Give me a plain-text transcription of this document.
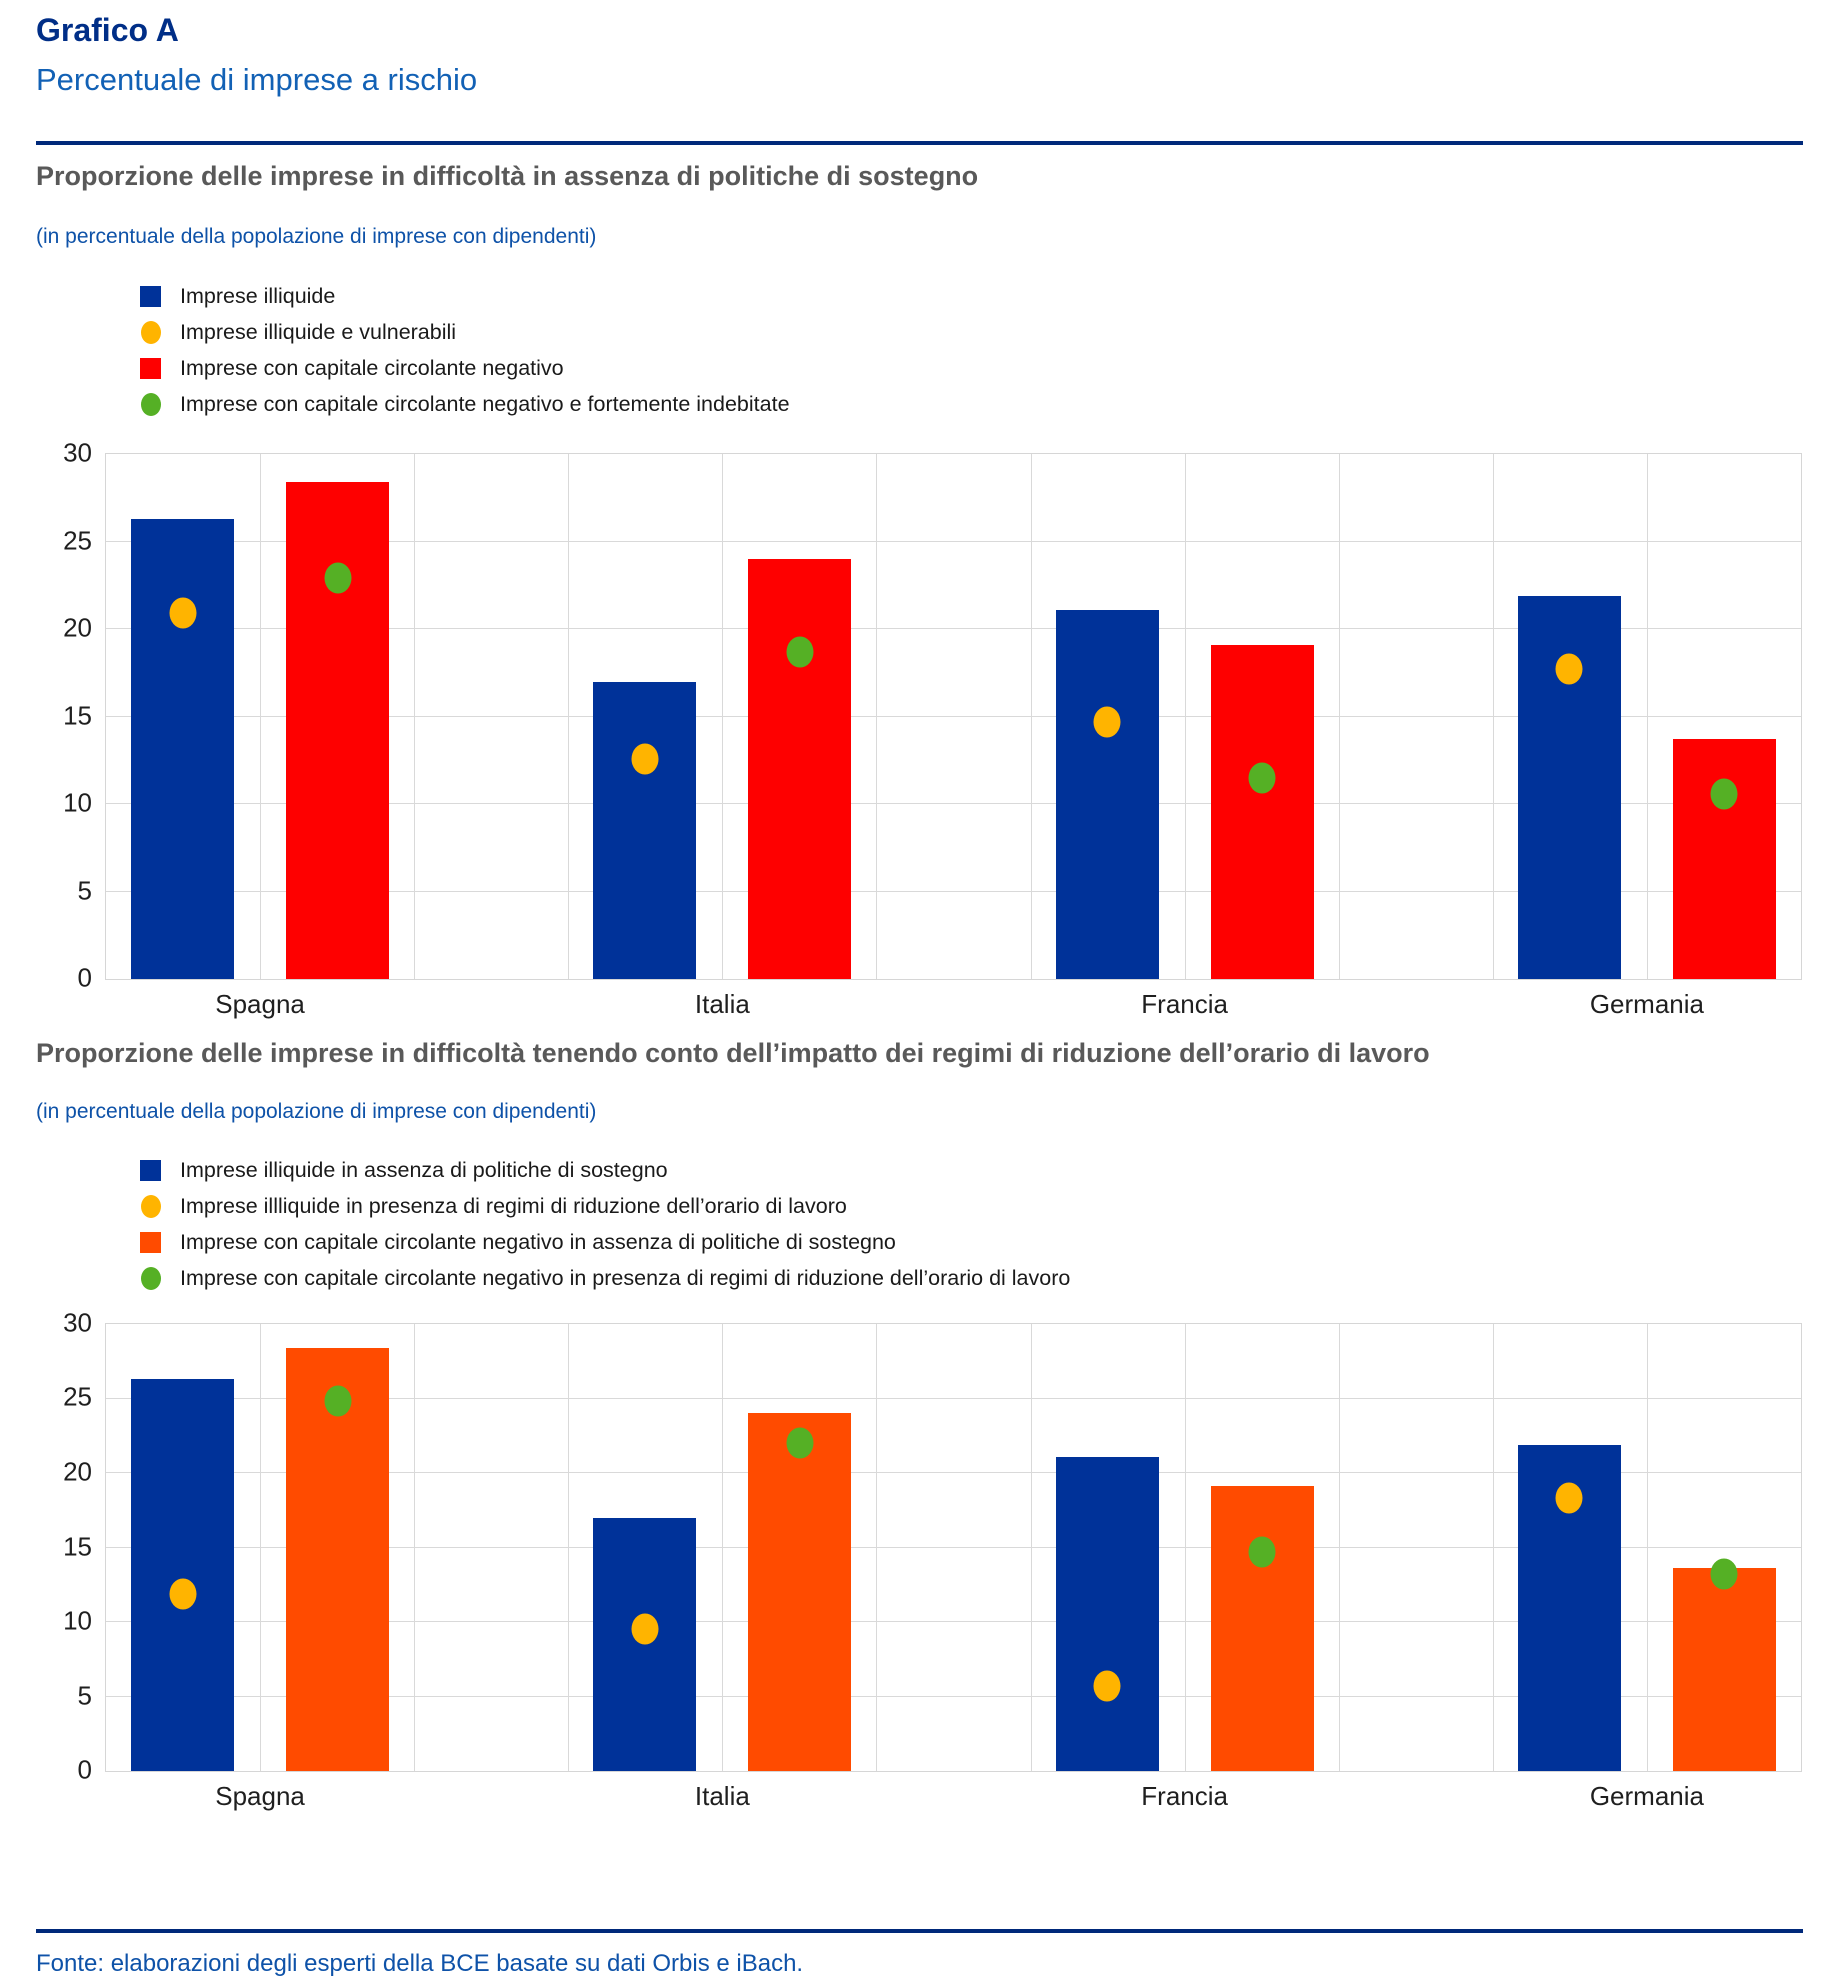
Grafico A
Percentuale di imprese a rischio
Proporzione delle imprese in difficoltà in assenza di politiche di sostegno
(in percentuale della popolazione di imprese con dipendenti)
Imprese illiquide
Imprese illiquide e vulnerabili
Imprese con capitale circolante negativo
Imprese con capitale circolante negativo e fortemente indebitate
0
5
10
15
20
25
30
Spagna	Italia	Francia	Germania
Proporzione delle imprese in difficoltà tenendo conto dell’impatto dei regimi di riduzione dell’orario di lavoro
(in percentuale della popolazione di imprese con dipendenti)
Imprese illiquide in assenza di politiche di sostegno
Imprese illliquide in presenza di regimi di riduzione dell’orario di lavoro
Imprese con capitale circolante negativo in assenza di politiche di sostegno
Imprese con capitale circolante negativo in presenza di regimi di riduzione dell’orario di lavoro
0
5
10
15
20
25
30
Spagna	Italia	Francia	Germania
Fonte: elaborazioni degli esperti della BCE basate su dati Orbis e iBach.
